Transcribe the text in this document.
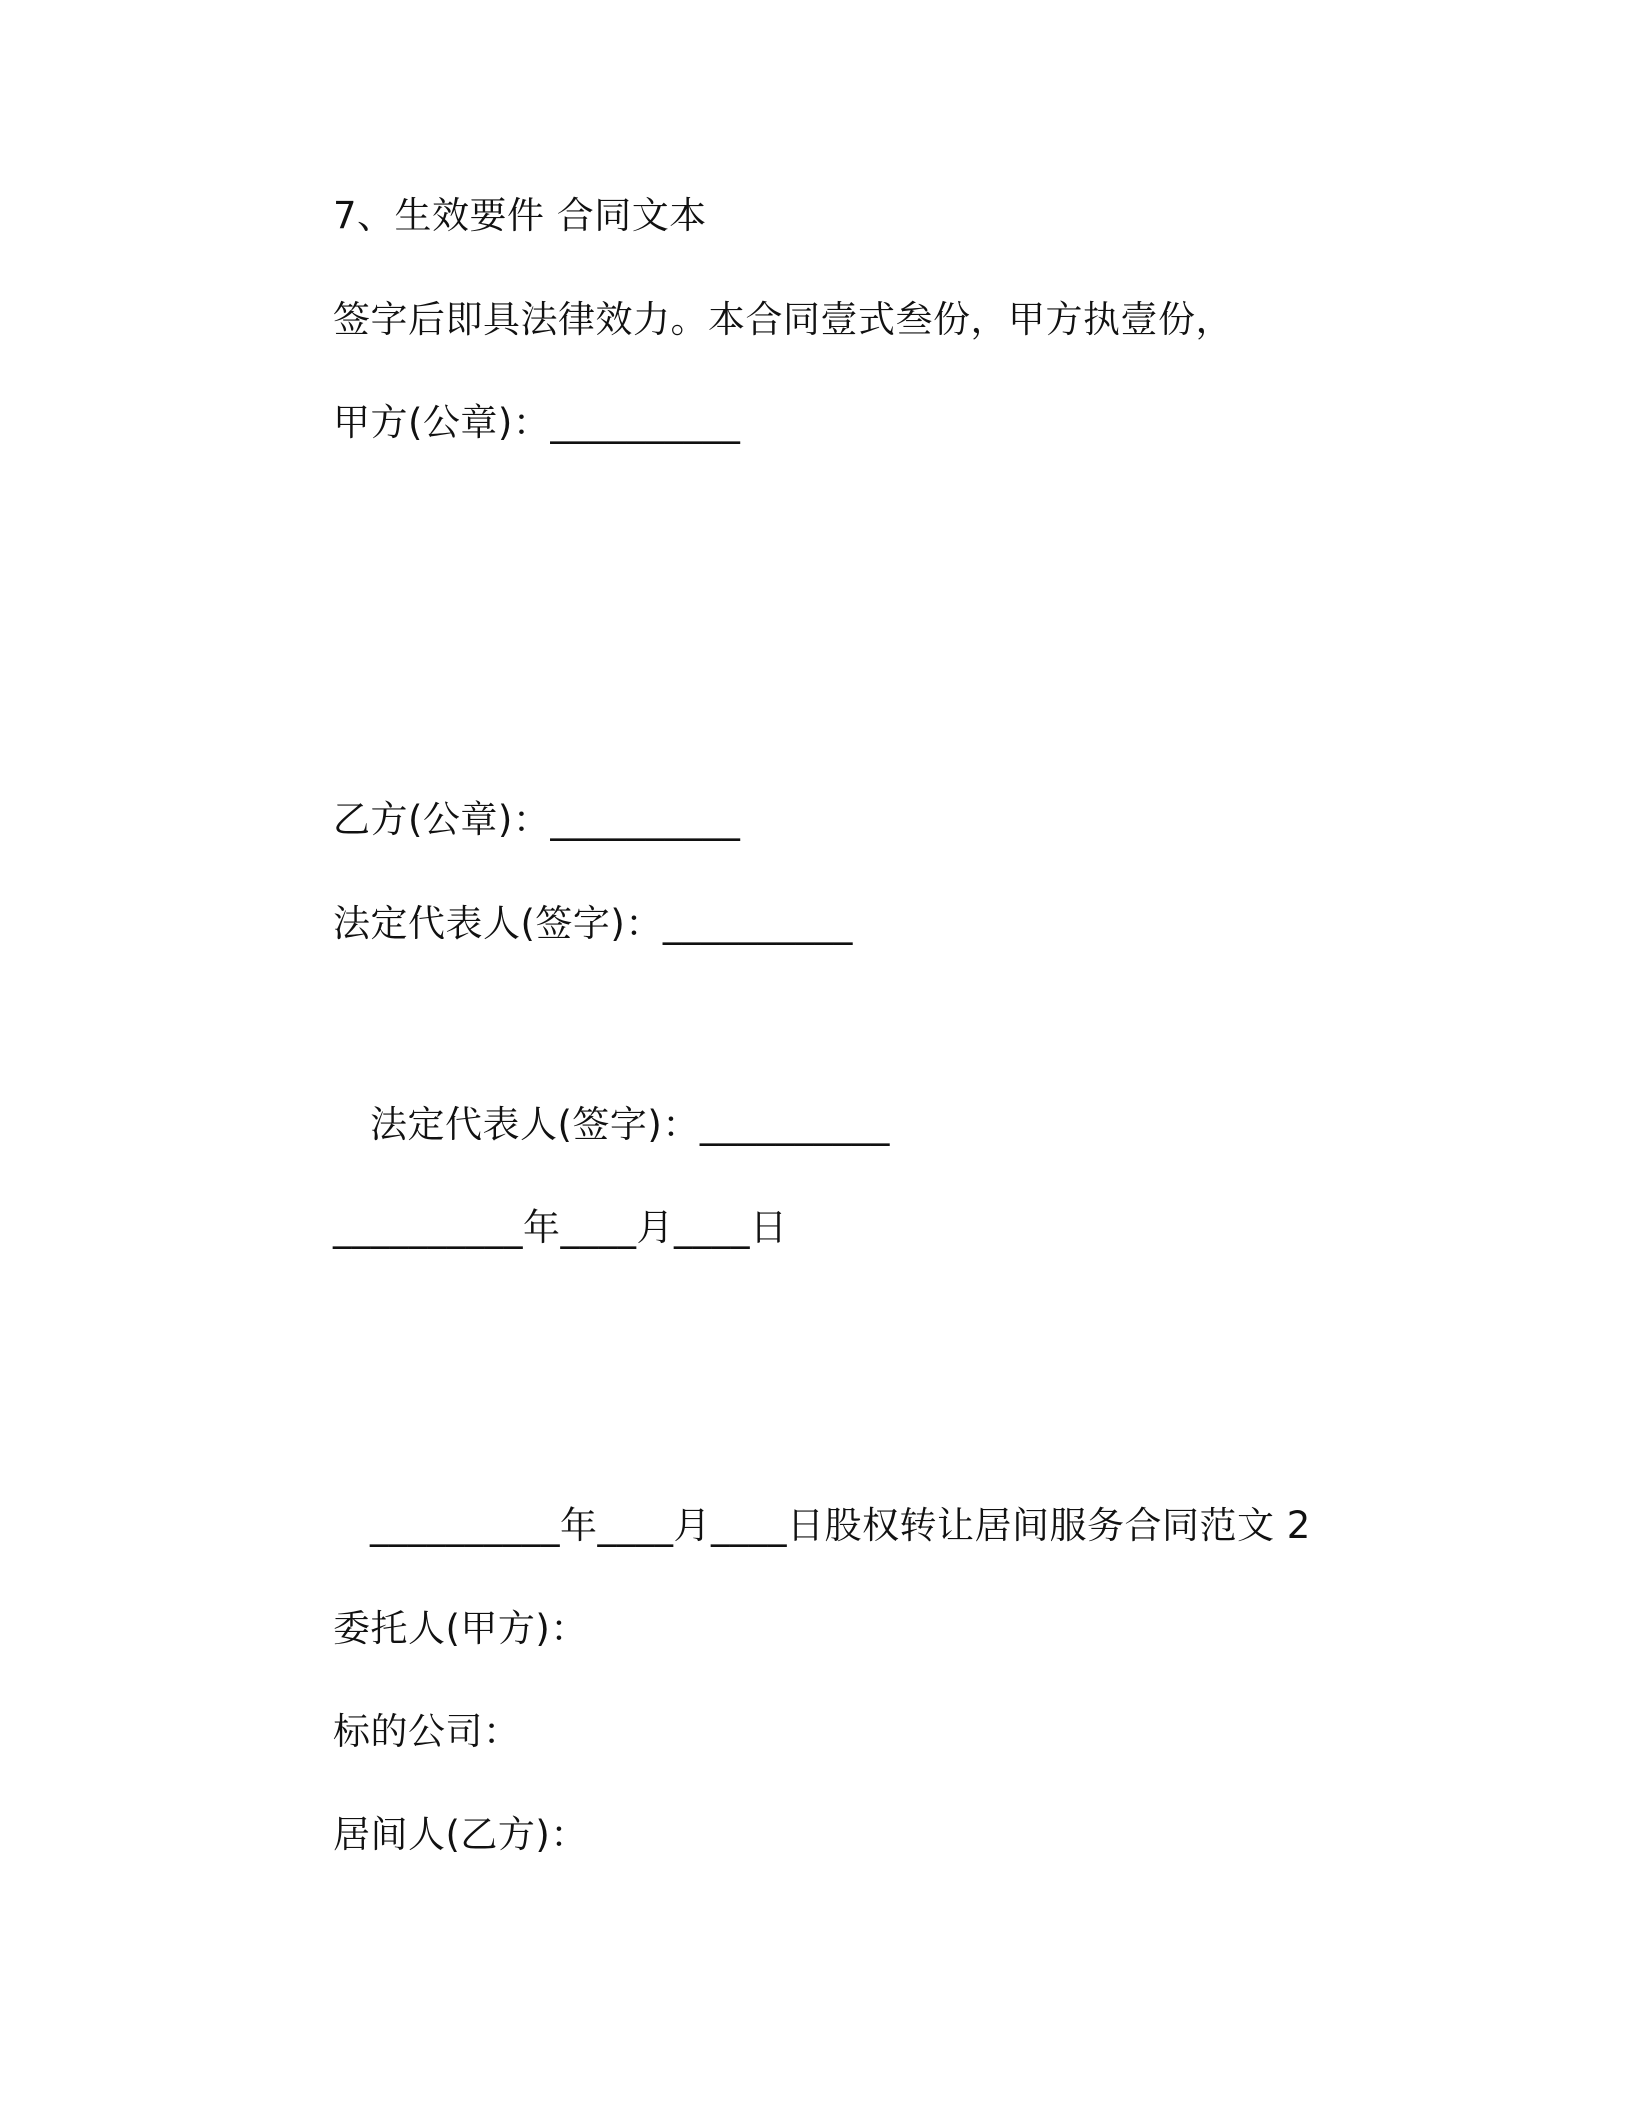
7、生效要件 合同文本
签字后即具法律效力。本合同壹式叁份，甲方执壹份，
甲方(公章)：__________
乙方(公章)：__________
法定代表人(签字)：__________
法定代表人(签字)：__________
__________年____月____日
__________年____月____日股权转让居间服务合同范文 2
委托人(甲方)：
标的公司：
居间人(乙方)：
